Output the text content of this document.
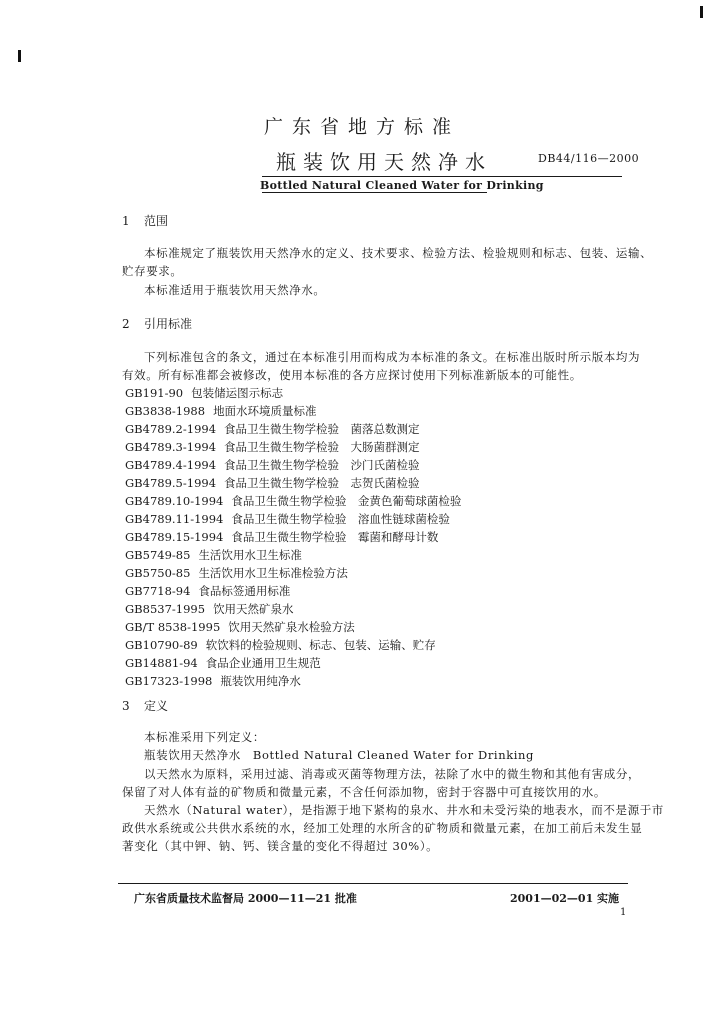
广东省地方标准
瓶装饮用天然净水	DB44/116—2000
Bottled Natural Cleaned Water for Drinking
1 范围
本标准规定了瓶装饮用天然净水的定义、技术要求、检验方法、检验规则和标志、包装、运输、
贮存要求。
本标准适用于瓶装饮用天然净水。
2 引用标准
下列标准包含的条文，通过在本标准引用而构成为本标准的条文。在标准出版时所示版本均为
有效。所有标准都会被修改，使用本标准的各方应探讨使用下列标准新版本的可能性。
GB191-90 包装储运图示标志
GB3838-1988 地面水环境质量标准
GB4789.2-1994 食品卫生微生物学检验　菌落总数测定
GB4789.3-1994 食品卫生微生物学检验　大肠菌群测定
GB4789.4-1994 食品卫生微生物学检验　沙门氏菌检验
GB4789.5-1994 食品卫生微生物学检验　志贺氏菌检验
GB4789.10-1994 食品卫生微生物学检验　金黄色葡萄球菌检验
GB4789.11-1994 食品卫生微生物学检验　溶血性链球菌检验
GB4789.15-1994 食品卫生微生物学检验　霉菌和酵母计数
GB5749-85 生活饮用水卫生标准
GB5750-85 生活饮用水卫生标准检验方法
GB7718-94 食品标签通用标准
GB8537-1995 饮用天然矿泉水
GB/T 8538-1995 饮用天然矿泉水检验方法
GB10790-89 软饮料的检验规则、标志、包装、运输、贮存
GB14881-94 食品企业通用卫生规范
GB17323-1998 瓶装饮用纯净水
3 定义
本标准采用下列定义：
瓶装饮用天然净水　Bottled Natural Cleaned Water for Drinking
以天然水为原料，采用过滤、消毒或灭菌等物理方法，祛除了水中的微生物和其他有害成分，
保留了对人体有益的矿物质和微量元素，不含任何添加物，密封于容器中可直接饮用的水。
天然水（Natural water），是指源于地下紧构的泉水、井水和未受污染的地表水，而不是源于市
政供水系统或公共供水系统的水，经加工处理的水所含的矿物质和微量元素，在加工前后未发生显
著变化（其中钾、钠、钙、镁含量的变化不得超过 30%）。
广东省质量技术监督局 2000—11—21 批准	2001—02—01 实施
1
